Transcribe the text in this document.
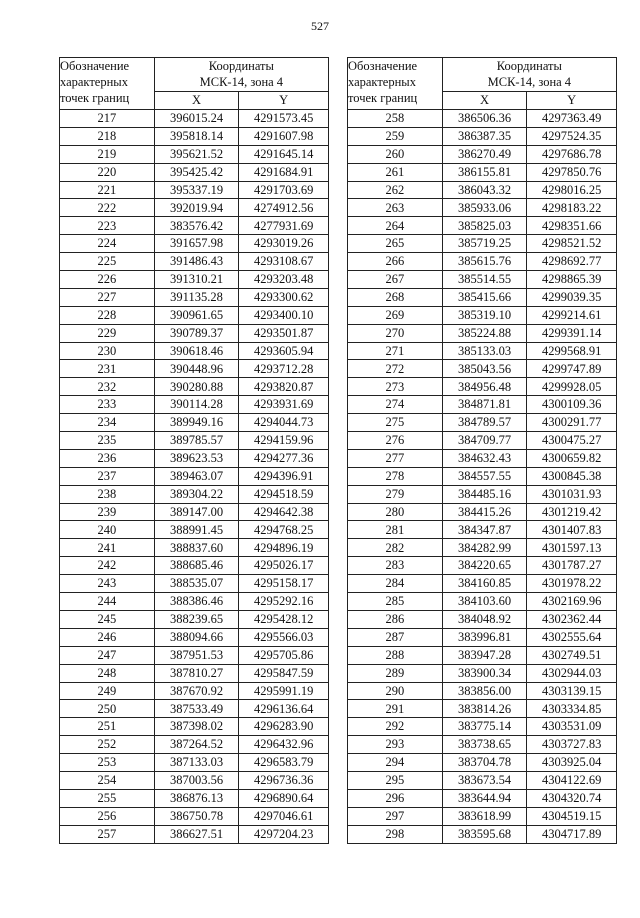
527
Обозначение
характерных
точек границ	Координаты
МСК-14, зона 4	
	X	Y
217	396015.24	4291573.45
218	395818.14	4291607.98
219	395621.52	4291645.14
220	395425.42	4291684.91
221	395337.19	4291703.69
222	392019.94	4274912.56
223	383576.42	4277931.69
224	391657.98	4293019.26
225	391486.43	4293108.67
226	391310.21	4293203.48
227	391135.28	4293300.62
228	390961.65	4293400.10
229	390789.37	4293501.87
230	390618.46	4293605.94
231	390448.96	4293712.28
232	390280.88	4293820.87
233	390114.28	4293931.69
234	389949.16	4294044.73
235	389785.57	4294159.96
236	389623.53	4294277.36
237	389463.07	4294396.91
238	389304.22	4294518.59
239	389147.00	4294642.38
240	388991.45	4294768.25
241	388837.60	4294896.19
242	388685.46	4295026.17
243	388535.07	4295158.17
244	388386.46	4295292.16
245	388239.65	4295428.12
246	388094.66	4295566.03
247	387951.53	4295705.86
248	387810.27	4295847.59
249	387670.92	4295991.19
250	387533.49	4296136.64
251	387398.02	4296283.90
252	387264.52	4296432.96
253	387133.03	4296583.79
254	387003.56	4296736.36
255	386876.13	4296890.64
256	386750.78	4297046.61
257	386627.51	4297204.23
Обозначение
характерных
точек границ	Координаты
МСК-14, зона 4	
	X	Y
258	386506.36	4297363.49
259	386387.35	4297524.35
260	386270.49	4297686.78
261	386155.81	4297850.76
262	386043.32	4298016.25
263	385933.06	4298183.22
264	385825.03	4298351.66
265	385719.25	4298521.52
266	385615.76	4298692.77
267	385514.55	4298865.39
268	385415.66	4299039.35
269	385319.10	4299214.61
270	385224.88	4299391.14
271	385133.03	4299568.91
272	385043.56	4299747.89
273	384956.48	4299928.05
274	384871.81	4300109.36
275	384789.57	4300291.77
276	384709.77	4300475.27
277	384632.43	4300659.82
278	384557.55	4300845.38
279	384485.16	4301031.93
280	384415.26	4301219.42
281	384347.87	4301407.83
282	384282.99	4301597.13
283	384220.65	4301787.27
284	384160.85	4301978.22
285	384103.60	4302169.96
286	384048.92	4302362.44
287	383996.81	4302555.64
288	383947.28	4302749.51
289	383900.34	4302944.03
290	383856.00	4303139.15
291	383814.26	4303334.85
292	383775.14	4303531.09
293	383738.65	4303727.83
294	383704.78	4303925.04
295	383673.54	4304122.69
296	383644.94	4304320.74
297	383618.99	4304519.15
298	383595.68	4304717.89
